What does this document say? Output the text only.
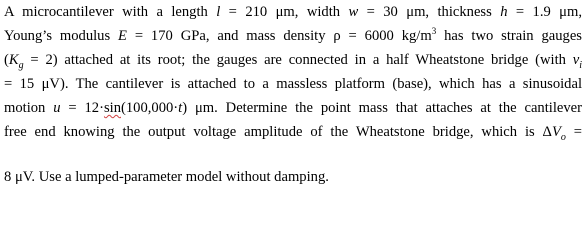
A microcantilever with a length l = 210 μm, width w = 30 μm, thickness h = 1.9 μm,
Young’s modulus E = 170 GPa, and mass density ρ = 6000 $kg/m^3$ has two strain gauges
$(K_g = 2)$ attached at its root; the gauges are connected in a half Wheatstone bridge (with $v_i$
= 15 μV). The cantilever is attached to a massless platform (base), which has a sinusoidal
motion u = 12·sin(100,000·t) μm. Determine the point mass that attaches at the cantilever
free end knowing the output voltage amplitude of the Wheatstone bridge, which is $\Delta V_o$ =
8 μV. Use a lumped-parameter model without damping.
